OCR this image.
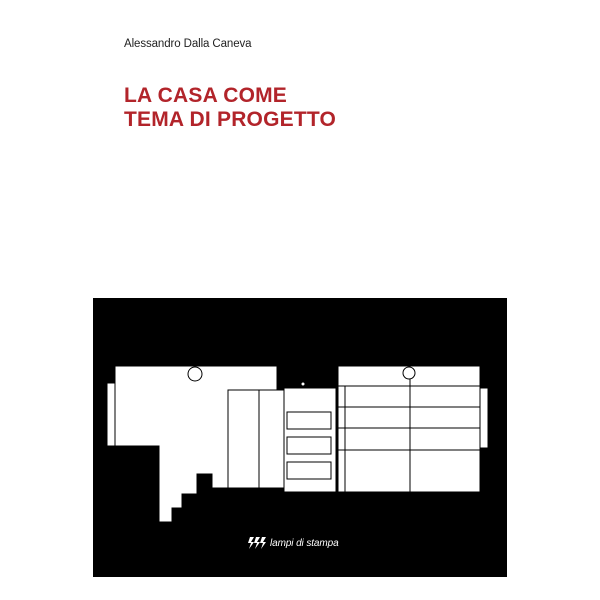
Alessandro Dalla Caneva
LA CASA COME
TEMA DI PROGETTO
lampi di stampa
